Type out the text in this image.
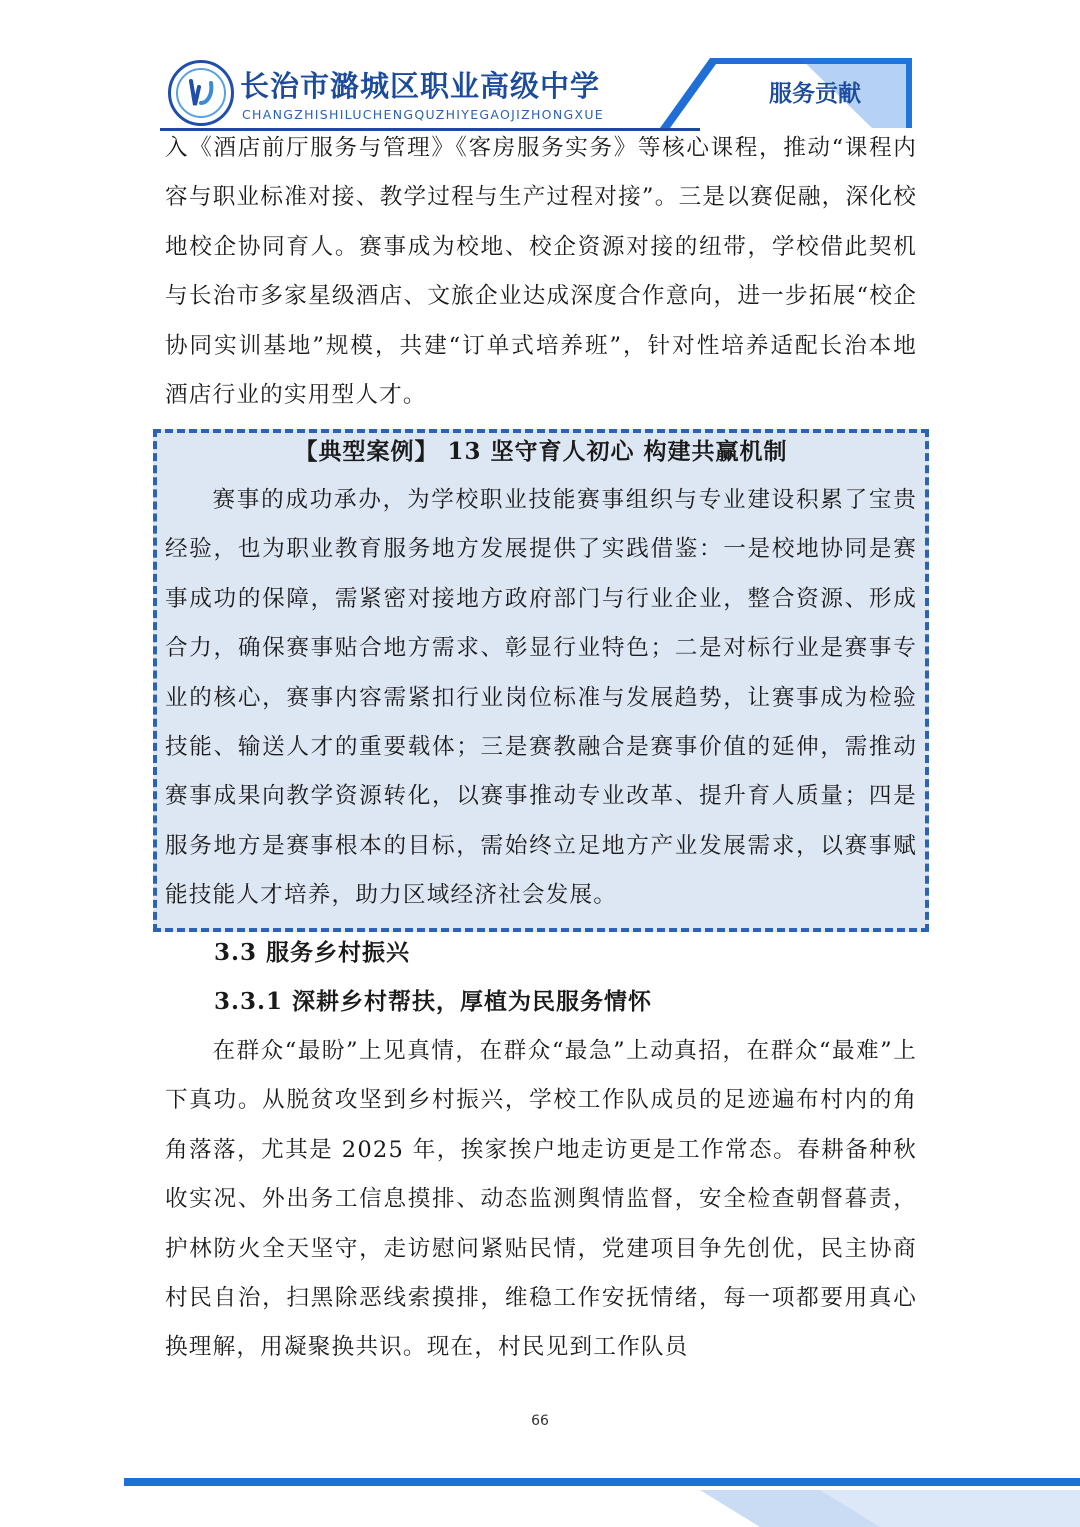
长治市潞城区职业高级中学
CHANGZHISHILUCHENGQUZHIYEGAOJIZHONGXUE
服务贡献
入《酒店前厅服务与管理》《客房服务实务》等核心课程，推动“课程内容与职业标准对接、教学过程与生产过程对接”。三是以赛促融，深化校地校企协同育人。赛事成为校地、校企资源对接的纽带，学校借此契机与长治市多家星级酒店、文旅企业达成深度合作意向，进一步拓展“校企协同实训基地”规模，共建“订单式培养班”，针对性培养适配长治本地酒店行业的实用型人才。
【典型案例】 13 坚守育人初心 构建共赢机制
赛事的成功承办，为学校职业技能赛事组织与专业建设积累了宝贵经验，也为职业教育服务地方发展提供了实践借鉴：一是校地协同是赛事成功的保障，需紧密对接地方政府部门与行业企业，整合资源、形成合力，确保赛事贴合地方需求、彰显行业特色；二是对标行业是赛事专业的核心，赛事内容需紧扣行业岗位标准与发展趋势，让赛事成为检验技能、输送人才的重要载体；三是赛教融合是赛事价值的延伸，需推动赛事成果向教学资源转化，以赛事推动专业改革、提升育人质量；四是服务地方是赛事根本的目标，需始终立足地方产业发展需求，以赛事赋能技能人才培养，助力区域经济社会发展。
3.3 服务乡村振兴
3.3.1 深耕乡村帮扶，厚植为民服务情怀
在群众“最盼”上见真情，在群众“最急”上动真招，在群众“最难”上下真功。从脱贫攻坚到乡村振兴，学校工作队成员的足迹遍布村内的角角落落，尤其是 2025 年，挨家挨户地走访更是工作常态。春耕备种秋收实况、外出务工信息摸排、动态监测舆情监督，安全检查朝督暮责，护林防火全天坚守，走访慰问紧贴民情，党建项目争先创优，民主协商村民自治，扫黑除恶线索摸排，维稳工作安抚情绪，每一项都要用真心换理解，用凝聚换共识。现在，村民见到工作队员
66
